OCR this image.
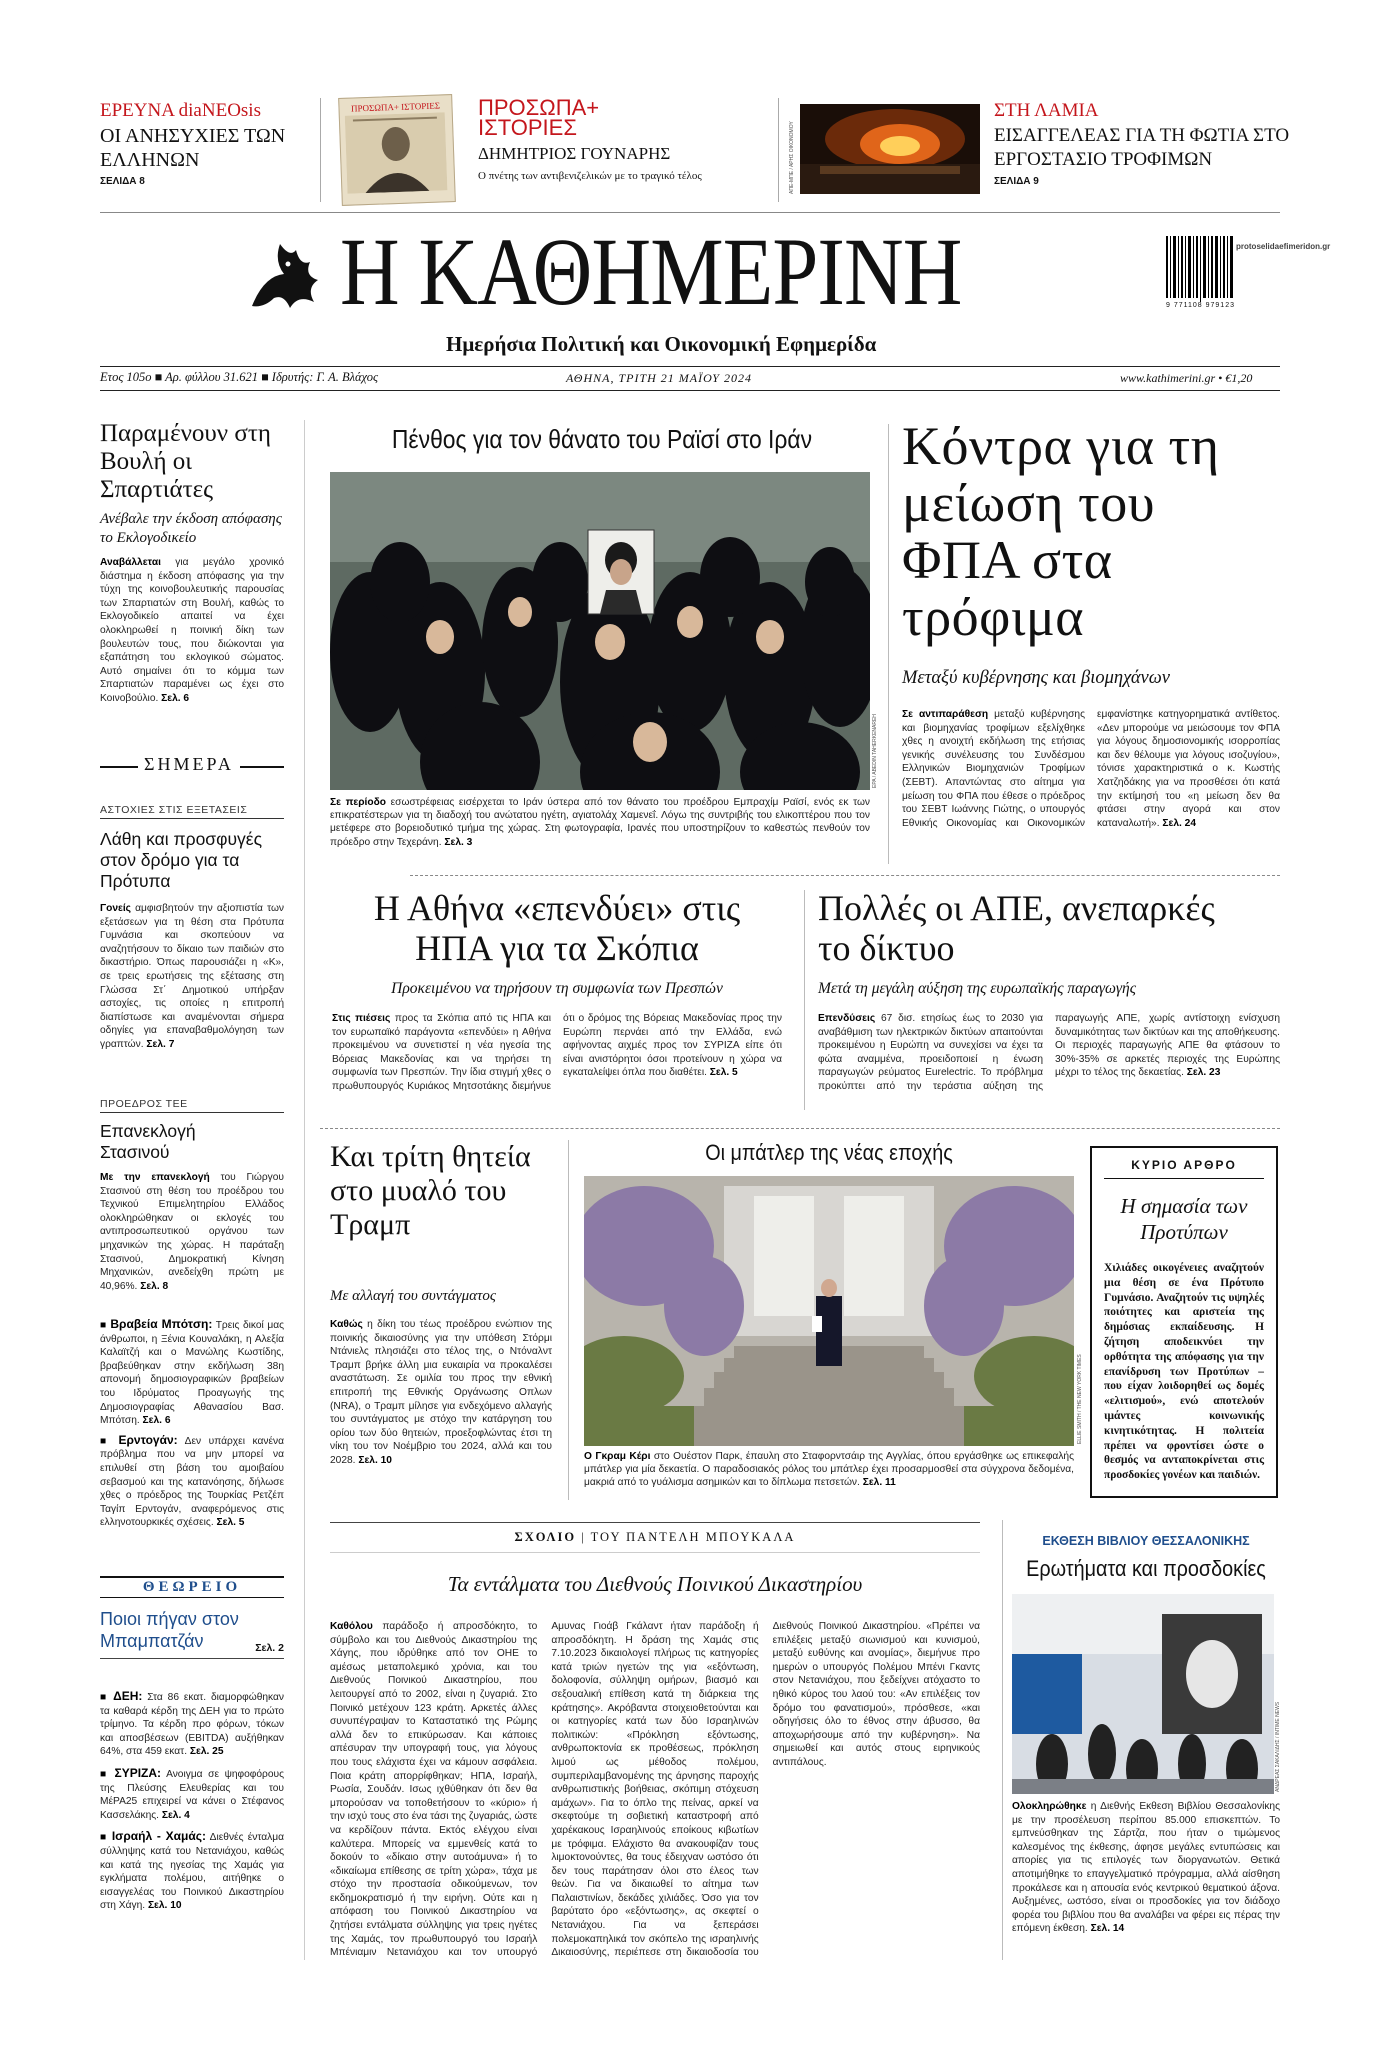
ΕΡΕΥΝΑ diaNEOsis
ΟΙ ΑΝΗΣΥΧΙΕΣ ΤΩΝ ΕΛΛΗΝΩΝ
ΣΕΛΙΔΑ 8
ΠΡΟΣΩΠΑ+ ΙΣΤΟΡΙΕΣ ΠΡΟΣΩΠΑ+ ΙΣΤΟΡΙΕΣ
ΔΗΜΗΤΡΙΟΣ ΓΟΥΝΑΡΗΣ
Ο πνέτης των αντιβενιζελικών με το τραγικό τέλος	ΑΠΕ-ΜΠΕ / ΑΡΗΣ ΟΙΚΟΝΟΜΟΥ
ΣΤΗ ΛΑΜΙΑ
ΕΙΣΑΓΓΕΛΕΑΣ ΓΙΑ ΤΗ ΦΩΤΙΑ ΣΤΟ ΕΡΓΟΣΤΑΣΙΟ ΤΡΟΦΙΜΩΝ
ΣΕΛΙΔΑ 9
Η ΚΑΘΗΜΕΡΙΝΗ
Ημερήσια Πολιτική και Οικονομική Εφημερίδα
protoselidaefimeridon.gr
9 771108 979123
Ετος 105ο ■ Αρ. φύλλου 31.621 ■ Ιδρυτής: Γ. Α. Βλάχος	ΑΘΗΝΑ, ΤΡΙΤΗ 21 ΜΑΪΟΥ 2024	www.kathimerini.gr • €1,20
Παραμένουν στη Βουλή οι Σπαρτιάτες
Ανέβαλε την έκδοση απόφασης το Εκλογοδικείο
Αναβάλλεται για μεγάλο χρονικό διάστημα η έκδοση απόφασης για την τύχη της κοινοβουλευτικής παρουσίας των Σπαρτιατών στη Βουλή, καθώς το Εκλογοδικείο απαιτεί να έχει ολοκληρωθεί η ποινική δίκη των βουλευτών τους, που διώκονται για εξαπάτηση του εκλογικού σώματος. Αυτό σημαίνει ότι το κόμμα των Σπαρτιατών παραμένει ως έχει στο Κοινοβούλιο. Σελ. 6
ΣΗΜΕΡΑ
ΑΣΤΟΧΙΕΣ ΣΤΙΣ ΕΞΕΤΑΣΕΙΣ
Λάθη και προσφυγές στον δρόμο για τα Πρότυπα
Γονείς αμφισβητούν την αξιοπιστία των εξετάσεων για τη θέση στα Πρότυπα Γυμνάσια και σκοπεύουν να αναζητήσουν το δίκαιο των παιδιών στο δικαστήριο. Όπως παρουσιάζει η «Κ», σε τρεις ερωτήσεις της εξέτασης στη Γλώσσα Στ΄ Δημοτικού υπήρξαν αστοχίες, τις οποίες η επιτροπή διαπίστωσε και αναμένονται σήμερα οδηγίες για επαναβαθμολόγηση των γραπτών. Σελ. 7
ΠΡΟΕΔΡΟΣ ΤΕΕ
Επανεκλογή Στασινού
Με την επανεκλογή του Γιώργου Στασινού στη θέση του προέδρου του Τεχνικού Επιμελητηρίου Ελλάδος ολοκληρώθηκαν οι εκλογές του αντιπροσωπευτικού οργάνου των μηχανικών της χώρας. Η παράταξη Στασινού, Δημοκρατική Κίνηση Μηχανικών, ανεδείχθη πρώτη με 40,96%. Σελ. 8
■ Βραβεία Μπότση: Τρεις δικοί μας άνθρωποι, η Ξένια Κουναλάκη, η Αλεξία Καλαϊτζή και ο Μανώλης Κωστίδης, βραβεύθηκαν στην εκδήλωση 38η απονομή δημοσιογραφικών βραβείων του Ιδρύματος Προαγωγής της Δημοσιογραφίας Αθανασίου Βασ. Μπότση. Σελ. 6
■ Ερντογάν: Δεν υπάρχει κανένα πρόβλημα που να μην μπορεί να επιλυθεί στη βάση του αμοιβαίου σεβασμού και της κατανόησης, δήλωσε χθες ο πρόεδρος της Τουρκίας Ρετζέπ Ταγίπ Ερντογάν, αναφερόμενος στις ελληνοτουρκικές σχέσεις. Σελ. 5
ΘΕΩΡΕΙΟ
Ποιοι πήγαν στον Μπαμπατζάν	Σελ. 2
■ ΔΕΗ: Στα 86 εκατ. διαμορφώθηκαν τα καθαρά κέρδη της ΔΕΗ για το πρώτο τρίμηνο. Τα κέρδη προ φόρων, τόκων και αποσβέσεων (EBITDA) αυξήθηκαν 64%, στα 459 εκατ. Σελ. 25
■ ΣΥΡΙΖΑ: Ανοιγμα σε ψηφοφόρους της Πλεύσης Ελευθερίας και του ΜέΡΑ25 επιχειρεί να κάνει ο Στέφανος Κασσελάκης. Σελ. 4
■ Ισραήλ - Χαμάς: Διεθνές ένταλμα σύλληψης κατά του Νετανιάχου, καθώς και κατά της ηγεσίας της Χαμάς για εγκλήματα πολέμου, αιτήθηκε ο εισαγγελέας του Ποινικού Δικαστηρίου στη Χάγη. Σελ. 10
Πένθος για τον θάνατο του Ραϊσί στο Ιράν
EPA / ABEDIN TAHERKENAREH
Σε περίοδο εσωστρέφειας εισέρχεται το Ιράν ύστερα από τον θάνατο του προέδρου Εμπραχίμ Ραϊσί, ενός εκ των επικρατέστερων για τη διαδοχή του ανώτατου ηγέτη, αγιατολάχ Χαμενεΐ. Λόγω της συντριβής του ελικοπτέρου που τον μετέφερε στο βορειοδυτικό τμήμα της χώρας. Στη φωτογραφία, Ιρανές που υποστηρίζουν το καθεστώς πενθούν τον πρόεδρο στην Τεχεράνη. Σελ. 3
Κόντρα για τη μείωση του ΦΠΑ στα τρόφιμα
Μεταξύ κυβέρνησης και βιομηχάνων
Σε αντιπαράθεση μεταξύ κυβέρνησης και βιομηχανίας τροφίμων εξελίχθηκε χθες η ανοιχτή εκδήλωση της ετήσιας γενικής συνέλευσης του Συνδέσμου Ελληνικών Βιομηχανιών Τροφίμων (ΣΕΒΤ). Απαντώντας στο αίτημα για μείωση του ΦΠΑ που έθεσε ο πρόεδρος του ΣΕΒΤ Ιωάννης Γιώτης, ο υπουργός Εθνικής Οικονομίας και Οικονομικών εμφανίστηκε κατηγορηματικά αντίθετος. «Δεν μπορούμε να μειώσουμε τον ΦΠΑ για λόγους δημοσιονομικής ισορροπίας και δεν θέλουμε για λόγους ισοζυγίου», τόνισε χαρακτηριστικά ο κ. Κωστής Χατζηδάκης για να προσθέσει ότι κατά την εκτίμησή του «η μείωση δεν θα φτάσει στην αγορά και στον καταναλωτή». Σελ. 24
Η Αθήνα «επενδύει» στις ΗΠΑ για τα Σκόπια
Προκειμένου να τηρήσουν τη συμφωνία των Πρεσπών
Στις πιέσεις προς τα Σκόπια από τις ΗΠΑ και τον ευρωπαϊκό παράγοντα «επενδύει» η Αθήνα προκειμένου να συνετιστεί η νέα ηγεσία της Βόρειας Μακεδονίας και να τηρήσει τη συμφωνία των Πρεσπών. Την ίδια στιγμή χθες ο πρωθυπουργός Κυριάκος Μητσοτάκης διεμήνυε ότι ο δρόμος της Βόρειας Μακεδονίας προς την Ευρώπη περνάει από την Ελλάδα, ενώ αφήνοντας αιχμές προς τον ΣΥΡΙΖΑ είπε ότι είναι ανιστόρητοι όσοι προτείνουν η χώρα να εγκαταλείψει όπλα που διαθέτει. Σελ. 5
Πολλές οι ΑΠΕ, ανεπαρκές το δίκτυο
Μετά τη μεγάλη αύξηση της ευρωπαϊκής παραγωγής
Επενδύσεις 67 δισ. ετησίως έως το 2030 για αναβάθμιση των ηλεκτρικών δικτύων απαιτούνται προκειμένου η Ευρώπη να συνεχίσει να έχει τα φώτα αναμμένα, προειδοποιεί η ένωση παραγωγών ρεύματος Eurelectric. Το πρόβλημα προκύπτει από την τεράστια αύξηση της παραγωγής ΑΠΕ, χωρίς αντίστοιχη ενίσχυση δυναμικότητας των δικτύων και της αποθήκευσης. Οι περιοχές παραγωγής ΑΠΕ θα φτάσουν το 30%-35% σε αρκετές περιοχές της Ευρώπης μέχρι το τέλος της δεκαετίας. Σελ. 23
Και τρίτη θητεία στο μυαλό του Τραμπ
Με αλλαγή του συντάγματος
Καθώς η δίκη του τέως προέδρου ενώπιον της ποινικής δικαιοσύνης για την υπόθεση Στόρμι Ντάνιελς πλησιάζει στο τέλος της, ο Ντόναλντ Τραμπ βρήκε άλλη μια ευκαιρία να προκαλέσει αναστάτωση. Σε ομιλία του προς την εθνική επιτροπή της Εθνικής Οργάνωσης Οπλων (NRA), ο Τραμπ μίλησε για ενδεχόμενο αλλαγής του συντάγματος με στόχο την κατάργηση του ορίου των δύο θητειών, προεξοφλώντας έτσι τη νίκη του τον Νοέμβριο του 2024, αλλά και του 2028. Σελ. 10
Οι μπάτλερ της νέας εποχής
ELLIE SMITH / THE NEW YORK TIMES
Ο Γκραμ Κέρι στο Ουέστον Παρκ, έπαυλη στο Σταφορντσάιρ της Αγγλίας, όπου εργάσθηκε ως επικεφαλής μπάτλερ για μία δεκαετία. Ο παραδοσιακός ρόλος του μπάτλερ έχει προσαρμοσθεί στα σύγχρονα δεδομένα, μακριά από το γυάλισμα ασημικών και το δίπλωμα πετσετών. Σελ. 11
ΚΥΡΙΟ ΑΡΘΡΟ
Η σημασία των Προτύπων
Χιλιάδες οικογένειες αναζητούν μια θέση σε ένα Πρότυπο Γυμνάσιο. Αναζητούν τις υψηλές ποιότητες και αριστεία της δημόσιας εκπαίδευσης. Η ζήτηση αποδεικνύει την ορθότητα της απόφασης για την επανίδρυση των Προτύπων – που είχαν λοιδορηθεί ως δομές «ελιτισμού», ενώ αποτελούν ιμάντες κοινωνικής κινητικότητας. Η πολιτεία πρέπει να φροντίσει ώστε ο θεσμός να ανταποκρίνεται στις προσδοκίες γονέων και παιδιών.
ΣΧΟΛΙΟ | ΤΟΥ ΠΑΝΤΕΛΗ ΜΠΟΥΚΑΛΑ
Τα εντάλματα του Διεθνούς Ποινικού Δικαστηρίου
Καθόλου παράδοξο ή απροσδόκητο, το σύμβολο και του Διεθνούς Δικαστηρίου της Χάγης, που ιδρύθηκε από τον ΟΗΕ το αμέσως μεταπολεμικό χρόνια, και του Διεθνούς Ποινικού Δικαστηρίου, που λειτουργεί από το 2002, είναι η ζυγαριά. Στο Ποινικό μετέχουν 123 κράτη. Αρκετές άλλες συνυπέγραψαν το Καταστατικό της Ρώμης αλλά δεν το επικύρωσαν. Και κάποιες απέσυραν την υπογραφή τους, για λόγους που τους ελάχιστα έχει να κάμουν ασφάλεια. Ποια κράτη απορρίφθηκαν; ΗΠΑ, Ισραήλ, Ρωσία, Σουδάν. Ισως ιχθύθηκαν ότι δεν θα μπορούσαν να τοποθετήσουν το «κύριο» ή την ισχύ τους στο ένα τάσι της ζυγαριάς, ώστε να κερδίζουν πάντα. Εκτός ελέγχου είναι καλύτερα. Μπορείς να εμμενθείς κατά το δοκούν το «δίκαιο στην αυτοάμυνα» ή το «δικαίωμα επίθεσης σε τρίτη χώρα», τάχα με στόχο την προστασία οδικούμενων, τον εκδημοκρατισμό ή την ειρήνη. Ούτε και η απόφαση του Ποινικού Δικαστηρίου να ζητήσει εντάλματα σύλληψης για τρεις ηγέτες της Χαμάς, τον πρωθυπουργό του Ισραήλ Μπένιαμιν Νετανιάχου και τον υπουργό Αμυνας Γιοάβ Γκάλαντ ήταν παράδοξη ή απροσδόκητη. Η δράση της Χαμάς στις 7.10.2023 δικαιολογεί πλήρως τις κατηγορίες κατά τριών ηγετών της για «εξόντωση, δολοφονία, σύλληψη ομήρων, βιασμό και σεξουαλική επίθεση κατά τη διάρκεια της κράτησης». Ακρόβαντα στοιχειοθετούνται και οι κατηγορίες κατά των δύο Ισραηλινών πολιτικών: «Πρόκληση εξόντωσης, ανθρωποκτονία εκ προθέσεως, πρόκληση λιμού ως μέθοδος πολέμου, συμπεριλαμβανομένης της άρνησης παροχής ανθρωπιστικής βοήθειας, σκόπιμη στόχευση αμάχων». Για το όπλο της πείνας, αρκεί να σκεφτούμε τη σοβιετική καταστροφή από χαρέκακους Ισραηλινούς εποίκους κιβωτίων με τρόφιμα. Ελάχιστο θα ανακουφίζαν τους λιμοκτονούντες, θα τους έδειχναν ωστόσο ότι δεν τους παράτησαν όλοι στο έλεος των θεών. Για να δικαιωθεί το αίτημα των Παλαιστινίων, δεκάδες χιλιάδες. Όσο για τον βαρύτατο όρο «εξόντωσης», ας σκεφτεί ο Νετανιάχου. Για να ξεπεράσει πολεμοκαπηλικά τον σκόπελο της ισραηλινής Δικαιοσύνης, περιέπεσε στη δικαιοδοσία του Διεθνούς Ποινικού Δικαστηρίου. «Πρέπει να επιλέξεις μεταξύ σιωνισμού και κυνισμού, μεταξύ ευθύνης και ανομίας», διεμήνυε προ ημερών ο υπουργός Πολέμου Μπένι Γκαντς στον Νετανιάχου, που ξεδείχνει ατόχαστο το ηθικό κύρος του λαού του: «Αν επιλέξεις τον δρόμο του φανατισμού», πρόσθεσε, «και οδηγήσεις όλο το έθνος στην άβυσσο, θα αποχωρήσουμε από την κυβέρνηση». Να σημειωθεί και αυτός στους ειρηνικούς αντιπάλους.
ΕΚΘΕΣΗ ΒΙΒΛΙΟΥ ΘΕΣΣΑΛΟΝΙΚΗΣ
Ερωτήματα και προσδοκίες
ΑΝΔΡΕΑΣ ΣΑΚΑΛΙΔΗΣ / INTIME NEWS
Ολοκληρώθηκε η Διεθνής Εκθεση Βιβλίου Θεσσαλονίκης με την προσέλευση περίπου 85.000 επισκεπτών. Το εμπνεύσθηκαν της Σάρτζα, που ήταν ο τιμώμενος καλεσμένος της έκθεσης, άφησε μεγάλες εντυπώσεις και απορίες για τις επιλογές των διοργανωτών. Θετικά αποτιμήθηκε το επαγγελματικό πρόγραμμα, αλλά αίσθηση προκάλεσε και η απουσία ενός κεντρικού θεματικού άξονα. Αυξημένες, ωστόσο, είναι οι προσδοκίες για τον διάδοχο φορέα του βιβλίου που θα αναλάβει να φέρει εις πέρας την επόμενη έκθεση. Σελ. 14
